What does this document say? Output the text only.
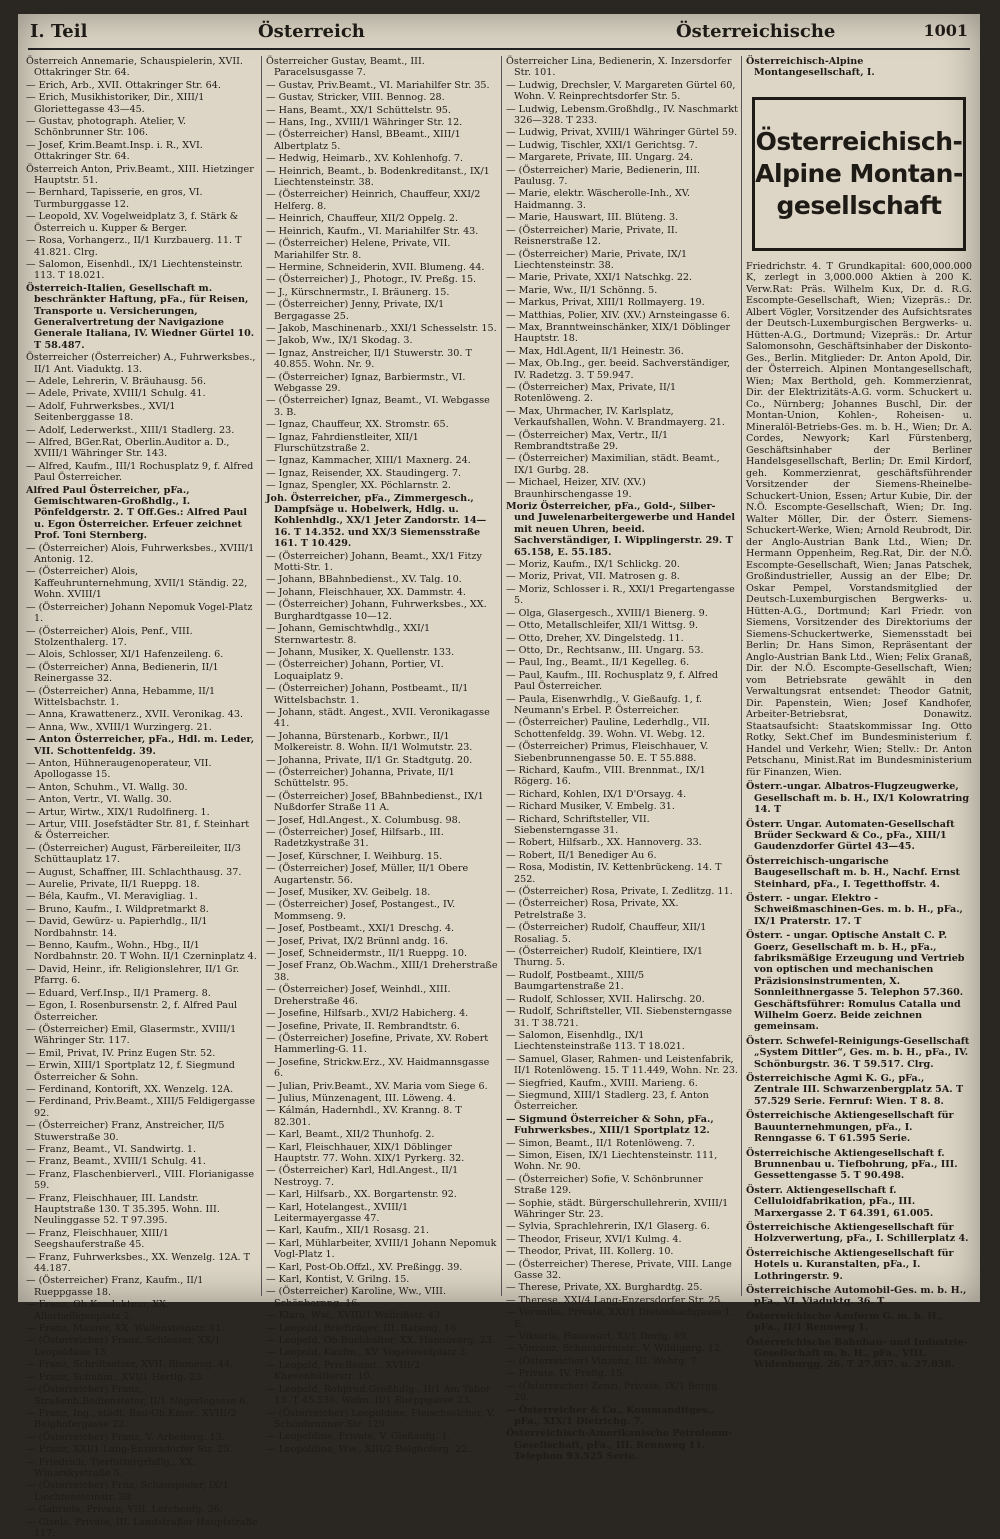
I. Teil	Österreich	Österreichische	1001
Österreich Annemarie, Schauspielerin, XVII. Ottakringer Str. 64.
— Erich, Arb., XVII. Ottakringer Str. 64.
— Erich, Musikhistoriker, Dir., XIII/1 Gloriettegasse 43—45.
— Gustav, photograph. Atelier, V. Schönbrunner Str. 106.
— Josef, Krim.Beamt.Insp. i. R., XVI. Ottakringer Str. 64.
Österreich Anton, Priv.Beamt., XIII. Hietzinger Hauptstr. 51.
— Bernhard, Tapisserie, en gros, VI. Turmburggasse 12.
— Leopold, XV. Vogelweidplatz 3, f. Stärk & Österreich u. Kupper & Berger.
— Rosa, Vorhangerz., II/1 Kurzbauerg. 11. T 41.821. Clrg.
— Salomon, Eisenhdl., IX/1 Liechtensteinstr. 113. T 18.021.
Österreich-Italien, Gesellschaft m. beschränkter Haftung, pFa., für Reisen, Transporte u. Versicherungen, Generalvertretung der Navigazione Generale Italiana, IV. Wiedner Gürtel 10. T 58.487.
Österreicher (Österreicher) A., Fuhrwerksbes., II/1 Ant. Viaduktg. 13.
— Adele, Lehrerin, V. Bräuhausg. 56.
— Adele, Private, XVIII/1 Schulg. 41.
— Adolf, Fuhrwerksbes., XVI/1 Seitenberggasse 18.
— Adolf, Lederwerkst., XIII/1 Stadlerg. 23.
— Alfred, BGer.Rat, Oberlin.Auditor a. D., XVIII/1 Währinger Str. 143.
— Alfred, Kaufm., III/1 Rochusplatz 9, f. Alfred Paul Österreicher.
Alfred Paul Österreicher, pFa., Gemischtwaren-Großhdlg., I. Pönfeldgerstr. 2. T Off.Ges.: Alfred Paul u. Egon Österreicher. Erfeuer zeichnet Prof. Toni Sternberg.
— (Österreicher) Alois, Fuhrwerksbes., XVIII/1 Antonig. 12.
— (Österreicher) Alois, Kaffeuhrunternehmung, XVII/1 Ständig. 22, Wohn. XVIII/1
— (Österreicher) Johann Nepomuk Vogel-Platz 1.
— (Österreicher) Alois, Penf., VIII. Stolzenthalerg. 17.
— Alois, Schlosser, XI/1 Hafenzeileng. 6.
— (Österreicher) Anna, Bedienerin, II/1 Reinergasse 32.
— (Österreicher) Anna, Hebamme, II/1 Wittelsbachstr. 1.
— Anna, Krawattenerz., XVII. Veronikag. 43.
— Anna, Ww., XVIII/1 Wurzingerg. 21.
— Anton Österreicher, pFa., Hdl. m. Leder, VII. Schottenfeldg. 39.
— Anton, Hühneraugenoperateur, VII. Apollogasse 15.
— Anton, Schuhm., VI. Wallg. 30.
— Anton, Vertr., VI. Wallg. 30.
— Artur, Wirtw., XIX/1 Rudolfinerg. 1.
— Artur, VIII. Josefstädter Str. 81, f. Steinhart & Österreicher.
— (Österreicher) August, Färbereileiter, II/3 Schüttauplatz 17.
— August, Schaffner, III. Schlachthausg. 37.
— Aurelie, Private, II/1 Rueppg. 18.
— Béla, Kaufm., VI. Meravigliag. 1.
— Bruno, Kaufm., I. Wildpretmarkt 8.
— David, Gewürz- u. Papierhdlg., II/1 Nordbahnstr. 14.
— Benno, Kaufm., Wohn., Hbg., II/1 Nordbahnstr. 20. T Wohn. II/1 Czerninplatz 4.
— David, Heinr., ifr. Religionslehrer, II/1 Gr. Pfarrg. 6.
— Eduard, Verf.Insp., II/1 Pramerg. 8.
— Egon, I. Rosenbursenstr. 2, f. Alfred Paul Österreicher.
— (Österreicher) Emil, Glasermstr., XVIII/1 Währinger Str. 117.
— Emil, Privat, IV. Prinz Eugen Str. 52.
— Erwin, XIII/1 Sportplatz 12, f. Siegmund Österreicher & Sohn.
— Ferdinand, Kontorift, XX. Wenzelg. 12A.
— Ferdinand, Priv.Beamt., XIII/5 Feldigergasse 92.
— (Österreicher) Franz, Anstreicher, II/5 Stuwerstraße 30.
— Franz, Beamt., VI. Sandwirtg. 1.
— Franz, Beamt., XVIII/1 Schulg. 41.
— Franz, Flaschenbierverl., VIII. Florianigasse 59.
— Franz, Fleischhauer, III. Landstr. Hauptstraße 130. T 35.395. Wohn. III. Neulinggasse 52. T 97.395.
— Franz, Fleischhauer, XIII/1 Seegshauferstraße 45.
— Franz, Fuhrwerksbes., XX. Wenzelg. 12A. T 44.187.
— (Österreicher) Franz, Kaufm., II/1 Rueppgasse 18.
— Franz, Ob.Kondukteur, XX. Allerheiligenplatz 2.
— Franz, Maurer, XX. Wallensteinstr. 41.
— (Österreicher) Franz, Schlosser, XX/1 Leopoldaue 13.
— Franz, Schriftsetzer, XVII. Blumeng. 44.
— Franz, Schuhm., XVI/1 Hertlg. 23.
— (Österreicher) Franz, Straßenb.Bediensteter, II/1 Negerlegasse 6.
— Franz, Ing., städt. Bau-Ob.Kmsr., XVIII/2 Belghofergasse 22.
— (Österreicher) Franz, V. Arbeiterg. 13.
— Franz, XXI/1 Lang-Enzersdorfer Str. 25.
— Friedrich, Tierfuttergrhdlg., XX. Winarskystraße 5.
— (Österreicher) Fritz, Schauspieler, IX/1 Liechtensteinstr. 38.
— Gabriele, Private, VIII. Lerchenfg. 36.
— Gisela, Private, III. Landstraßer Hauptstraße 117.
Österreicher Gustav, Beamt., III. Paracelsusgasse 7.
— Gustav, Priv.Beamt., VI. Mariahilfer Str. 35.
— Gustav, Stricker, VIII. Bennog. 28.
— Hans, Beamt., XX/1 Schüttelstr. 95.
— Hans, Ing., XVIII/1 Währinger Str. 12.
— (Österreicher) Hansl, BBeamt., XIII/1 Albertplatz 5.
— Hedwig, Heimarb., XV. Kohlenhofg. 7.
— Heinrich, Beamt., b. Bodenkreditanst., IX/1 Liechtensteinstr. 38.
— (Österreicher) Heinrich, Chauffeur, XXI/2 Helferg. 8.
— Heinrich, Chauffeur, XII/2 Oppelg. 2.
— Heinrich, Kaufm., VI. Mariahilfer Str. 43.
— (Österreicher) Helene, Private, VII. Mariahilfer Str. 8.
— Hermine, Schneiderin, XVII. Blumeng. 44.
— (Österreicher) J., Photogr., IV. Preßg. 15.
— J., Kürschnermstr., I. Bräunerg. 15.
— (Österreicher) Jenny, Private, IX/1 Bergagasse 25.
— Jakob, Maschinenarb., XXI/1 Schesselstr. 15.
— Jakob, Ww., IX/1 Skodag. 3.
— Ignaz, Anstreicher, II/1 Stuwerstr. 30. T 40.855. Wohn. Nr. 9.
— (Österreicher) Ignaz, Barbiermstr., VI. Webgasse 29.
— (Österreicher) Ignaz, Beamt., VI. Webgasse 3. B.
— Ignaz, Chauffeur, XX. Stromstr. 65.
— Ignaz, Fahrdienstleiter, XII/1 Flurschützstraße 2.
— Ignaz, Kammacher, XIII/1 Maxnerg. 24.
— Ignaz, Reisender, XX. Staudingerg. 7.
— Ignaz, Spengler, XX. Pöchlarnstr. 2.
Joh. Österreicher, pFa., Zimmergesch., Dampfsäge u. Hobelwerk, Hdlg. u. Kohlenhdlg., XX/1 Jeter Zandorstr. 14—16. T 14.352. und XX/3 Siemensstraße 161. T 10.429.
— (Österreicher) Johann, Beamt., XX/1 Fitzy Motti-Str. 1.
— Johann, BBahnbedienst., XV. Talg. 10.
— Johann, Fleischhauer, XX. Dammstr. 4.
— (Österreicher) Johann, Fuhrwerksbes., XX. Burghardtgasse 10—12.
— Johann, Gemischtwhdlg., XXI/1 Sternwartestr. 8.
— Johann, Musiker, X. Quellenstr. 133.
— (Österreicher) Johann, Portier, VI. Loquaiplatz 9.
— (Österreicher) Johann, Postbeamt., II/1 Wittelsbachstr. 1.
— Johann, städt. Angest., XVII. Veronikagasse 41.
— Johanna, Bürstenarb., Korbwr., II/1 Molkereistr. 8. Wohn. II/1 Wolmutstr. 23.
— Johanna, Private, II/1 Gr. Stadtgutg. 20.
— (Österreicher) Johanna, Private, II/1 Schüttelstr. 95.
— (Österreicher) Josef, BBahnbedienst., IX/1 Nußdorfer Straße 11 A.
— Josef, Hdl.Angest., X. Columbusg. 98.
— (Österreicher) Josef, Hilfsarb., III. Radetzkystraße 31.
— Josef, Kürschner, I. Weihburg. 15.
— (Österreicher) Josef, Müller, II/1 Obere Augartenstr. 56.
— Josef, Musiker, XV. Geibelg. 18.
— (Österreicher) Josef, Postangest., IV. Mommseng. 9.
— Josef, Postbeamt., XXI/1 Dreschg. 4.
— Josef, Privat, IX/2 Brünnl andg. 16.
— Josef, Schneidermstr., II/1 Rueppg. 10.
— Josef Franz, Ob.Wachm., XIII/1 Dreherstraße 38.
— (Österreicher) Josef, Weinhdl., XIII. Dreherstraße 46.
— Josefine, Hilfsarb., XVI/2 Habicherg. 4.
— Josefine, Private, II. Rembrandtstr. 6.
— (Österreicher) Josefine, Private, XV. Robert Hammerling-G. 11.
— Josefine, Strickw.Erz., XV. Haidmannsgasse 6.
— Julian, Priv.Beamt., XV. Maria vom Siege 6.
— Julius, Münzenagent, III. Löweng. 4.
— Kálmán, Hadernhdl., XV. Kranng. 8. T 82.301.
— Karl, Beamt., XII/2 Thunhofg. 2.
— Karl, Fleischhauer, XIX/1 Döblinger Hauptstr. 77. Wohn. XIX/1 Pyrkerg. 32.
— (Österreicher) Karl, Hdl.Angest., II/1 Nestroyg. 7.
— Karl, Hilfsarb., XX. Borgartenstr. 92.
— Karl, Hotelangest., XVIII/1 Leitermayergasse 47.
— Karl, Kaufm., XII/1 Rosasg. 21.
— Karl, Mühlarbeiter, XVIII/1 Johann Nepomuk Vogl-Platz 1.
— Karl, Post-Ob.Offzl., XV. Preßingg. 39.
— Karl, Kontist, V. Grilng. 15.
— (Österreicher) Karoline, Ww., VIII. Schönbornng. 16.
— Klara, Ww., XVIII/1 Wallrißstr. 43.
— Leopold, Briefträger, III. Rabeng. 16.
— Leopold, Ob.Buchhalter, XX. Hannoverg. 23.
— Leopold, Kaufm., XV. Vogelweidplatz 3.
— Leopold, Priv.Beamt., XVIII/2 Khevenhüllerstr. 10.
— Leopold, Rohprod.Großhdlg., II/1 Am Tabor 13. T 45.536. Wohn. II/1 Rueppgasse 23.
— (Österreicher) Leopoldine, Fleischselcher, V. Schönbrunner Str. 129.
— Leopoldine, Private, V. Gießaufg. 1.
— Leopoldine, Ww., XIII/2 Belghoferg. 22.
Österreicher Lina, Bedienerin, X. Inzersdorfer Str. 101.
— Ludwig, Drechsler, V. Margareten Gürtel 60, Wohn. V. Reinprechtsdorfer Str. 5.
— Ludwig, Lebensm.Großhdlg., IV. Naschmarkt 326—328. T 233.
— Ludwig, Privat, XVIII/1 Währinger Gürtel 59.
— Ludwig, Tischler, XXI/1 Gerichtsg. 7.
— Margarete, Private, III. Ungarg. 24.
— (Österreicher) Marie, Bedienerin, III. Paulusg. 7.
— Marie, elektr. Wäscherolle-Inh., XV. Haidmanng. 3.
— Marie, Hauswart, III. Blüteng. 3.
— (Österreicher) Marie, Private, II. Reisnerstraße 12.
— (Österreicher) Marie, Private, IX/1 Liechtensteinstr. 38.
— Marie, Private, XXI/1 Natschkg. 22.
— Marie, Ww., II/1 Schönng. 5.
— Markus, Privat, XIII/1 Rollmayerg. 19.
— Matthias, Polier, XIV. (XV.) Arnsteingasse 6.
— Max, Branntweinschänker, XIX/1 Döblinger Hauptstr. 18.
— Max, Hdl.Agent, II/1 Heinestr. 36.
— Max, Ob.Ing., ger. beeid. Sachverständiger, IV. Radetzg. 3. T 59.947.
— (Österreicher) Max, Private, II/1 Rotenlöweng. 2.
— Max, Uhrmacher, IV. Karlsplatz, Verkaufshallen, Wohn. V. Brandmayerg. 21.
— (Österreicher) Max, Vertr., II/1 Rembrandtstraße 29.
— (Österreicher) Maximilian, städt. Beamt., IX/1 Gurbg. 28.
— Michael, Heizer, XIV. (XV.) Braunhirschengasse 19.
Moriz Österreicher, pFa., Gold-, Silber- und Juwelenarbeitergewerbe und Handel mit neuen Uhren, beeid. Sachverständiger, I. Wipplingerstr. 29. T 65.158, E. 55.185.
— Moriz, Kaufm., IX/1 Schlickg. 20.
— Moriz, Privat, VII. Matrosen g. 8.
— Moriz, Schlosser i. R., XXI/1 Pregartengasse 5.
— Olga, Glasergesch., XVIII/1 Bienerg. 9.
— Otto, Metallschleifer, XII/1 Wittsg. 9.
— Otto, Dreher, XV. Dingelstedg. 11.
— Otto, Dr., Rechtsanw., III. Ungarg. 53.
— Paul, Ing., Beamt., II/1 Kegelleg. 6.
— Paul, Kaufm., III. Rochusplatz 9, f. Alfred Paul Österreicher.
— Paula, Eisenwrhdlg., V. Gießaufg. 1, f. Neumann's Erbel. P. Österreicher.
— (Österreicher) Pauline, Lederhdlg., VII. Schottenfeldg. 39. Wohn. VI. Webg. 12.
— (Österreicher) Primus, Fleischhauer, V. Siebenbrunnengasse 50. E. T 55.888.
— Richard, Kaufm., VIII. Brennmat., IX/1 Rögerg. 16.
— Richard, Kohlen, IX/1 D'Orsayg. 4.
— Richard Musiker, V. Embelg. 31.
— Richard, Schriftsteller, VII. Siebensterngasse 31.
— Robert, Hilfsarb., XX. Hannoverg. 33.
— Robert, II/1 Benediger Au 6.
— Rosa, Modistin, IV. Kettenbrückeng. 14. T 252.
— (Österreicher) Rosa, Private, I. Zedlitzg. 11.
— (Österreicher) Rosa, Private, XX. Petrelstraße 3.
— (Österreicher) Rudolf, Chauffeur, XII/1 Rosaliag. 5.
— (Österreicher) Rudolf, Kleintiere, IX/1 Thurng. 5.
— Rudolf, Postbeamt., XIII/5 Baumgartenstraße 21.
— Rudolf, Schlosser, XVII. Halirschg. 20.
— Rudolf, Schriftsteller, VII. Siebensterngasse 31. T 38.721.
— Salomon, Eisenhdlg., IX/1 Liechtensteinstraße 113. T 18.021.
— Samuel, Glaser, Rahmen- und Leistenfabrik, II/1 Rotenlöweng. 15. T 11.449, Wohn. Nr. 23.
— Siegfried, Kaufm., XVIII. Marieng. 6.
— Siegmund, XIII/1 Stadlerg. 23, f. Anton Österreicher.
— Sigmund Österreicher & Sohn, pFa., Fuhrwerksbes., XIII/1 Sportplatz 12.
— Simon, Beamt., II/1 Rotenlöweng. 7.
— Simon, Eisen, IX/1 Liechtensteinstr. 111, Wohn. Nr. 90.
— (Österreicher) Sofie, V. Schönbrunner Straße 129.
— Sophie, städt. Bürgerschullehrerin, XVIII/1 Währinger Str. 23.
— Sylvia, Sprachlehrerin, IX/1 Glaserg. 6.
— Theodor, Friseur, XVI/1 Kulmg. 4.
— Theodor, Privat, III. Kollerg. 10.
— (Österreicher) Therese, Private, VIII. Lange Gasse 32.
— Therese, Private, XX. Burghardtg. 25.
— Therese, XXI/4 Lang-Enzersdorfer Str. 25.
— Veronika, Private, XXI/1 Dietenbachgasse 1. E.
— Viktoria, Hauswart, XI/1 Dorfg. 69.
— Vinzenz, Schneidermstr., V. Wildigerg. 12.
— (Österreicher) Vinzenz, III. Wehrg. 7.
— Private, IV. Preßg. 15.
— (Österreicher) Zenzi, Private, IX/1 Bergg. 20.
— Österreicher & Co., Kommanditges., pFa., XIX/1 Dietrichg. 7.
Österreichisch-Amerikanische Petroleum-Gesellschaft, pFa., III. Rennweg 11. Telephon 93.525 Serie.
Österreichisch-Alpine Montangesellschaft, I.
Österreichisch-
Alpine Montan-
gesellschaft
Friedrichstr. 4. T Grundkapital: 600,000.000 K, zerlegt in 3,000.000 Aktien à 200 K. Verw.Rat: Präs. Wilhelm Kux, Dr. d. R.G. Escompte-Gesellschaft, Wien; Vizepräs.: Dr. Albert Vögler, Vorsitzender des Aufsichtsrates der Deutsch-Luxemburgischen Bergwerks- u. Hütten-A.G., Dortmund; Vizepräs.: Dr. Artur Salomonsohn, Geschäftsinhaber der Diskonto-Ges., Berlin. Mitglieder: Dr. Anton Apold, Dir. der Österreich. Alpinen Montangesellschaft, Wien; Max Berthold, geh. Kommerzienrat, Dir. der Elektrizitäts-A.G. vorm. Schuckert u. Co., Nürnberg; Johannes Buschl, Dir. der Montan-Union, Kohlen-, Roheisen- u. Mineralöl-Betriebs-Ges. m. b. H., Wien; Dr. A. Cordes, Newyork; Karl Fürstenberg, Geschäftsinhaber der Berliner Handelsgesellschaft, Berlin; Dr. Emil Kirdorf, geh. Kommerzienrat, geschäftsführender Vorsitzender der Siemens-Rheinelbe-Schuckert-Union, Essen; Artur Kubie, Dir. der N.Ö. Escompte-Gesellschaft, Wien; Dr. Ing. Walter Möller, Dir. der Österr. Siemens-Schuckert-Werke, Wien; Arnold Reubrodt, Dir. der Anglo-Austrian Bank Ltd., Wien; Dr. Hermann Oppenheim, Reg.Rat, Dir. der N.Ö. Escompte-Gesellschaft, Wien; Janas Patschek, Großindustrieller, Aussig an der Elbe; Dr. Oskar Pempel, Vorstandsmitglied der Deutsch-Luxemburgischen Bergwerks- u. Hütten-A.G., Dortmund; Karl Friedr. von Siemens, Vorsitzender des Direktoriums der Siemens-Schuckertwerke, Siemensstadt bei Berlin; Dr. Hans Simon, Repräsentant der Anglo-Austrian Bank Ltd., Wien; Felix Granaß, Dir. der N.Ö. Escompte-Gesellschaft, Wien; vom Betriebsrate gewählt in den Verwaltungsrat entsendet: Theodor Gatnit, Dir. Papenstein, Wien; Josef Kandhofer, Arbeiter-Betriebsrat, Donawitz. Staatsaufsicht: Staatskommissar Ing. Otto Rotky, Sekt.Chef im Bundesministerium f. Handel und Verkehr, Wien; Stellv.: Dr. Anton Petschanu, Minist.Rat im Bundesministerium für Finanzen, Wien.
Österr.-ungar. Albatros-Flugzeugwerke, Gesellschaft m. b. H., IX/1 Kolowratring 14. T
Österr. Ungar. Automaten-Gesellschaft Brüder Seckward & Co., pFa., XIII/1 Gaudenzdorfer Gürtel 43—45.
Österreichisch-ungarische Baugesellschaft m. b. H., Nachf. Ernst Steinhard, pFa., I. Tegetthoffstr. 4.
Österr. - ungar. Elektro - Schweißmaschinen-Ges. m. b. H., pFa., IX/1 Praterstr. 17. T
Österr. - ungar. Optische Anstalt C. P. Goerz, Gesellschaft m. b. H., pFa., fabriksmäßige Erzeugung und Vertrieb von optischen und mechanischen Präzisionsinstrumenten, X. Sonnleithnergasse 5. Telephon 57.360. Geschäftsführer: Romulus Catalla und Wilhelm Goerz. Beide zeichnen gemeinsam.
Österr. Schwefel-Reinigungs-Gesellschaft „System Dittler“, Ges. m. b. H., pFa., IV. Schönburgstr. 36. T 59.517. Clrg.
Österreichische Agmi K. G., pFa., Zentrale III. Schwarzenbergplatz 5A. T 57.529 Serie. Fernruf: Wien. T 8. 8.
Österreichische Aktiengesellschaft für Bauunternehmungen, pFa., I. Renngasse 6. T 61.595 Serie.
Österreichische Aktiengesellschaft f. Brunnenbau u. Tiefbohrung, pFa., III. Gessettengasse 5. T 90.498.
Österr. Aktiengesellschaft f. Celluloidfabrikation, pFa., III. Marxergasse 2. T 64.391, 61.005.
Österreichische Aktiengesellschaft für Holzverwertung, pFa., I. Schillerplatz 4.
Österreichische Aktiengesellschaft für Hotels u. Kuranstalten, pFa., I. Lothringerstr. 9.
Österreichische Automobil-Ges. m. b. H., pFa., VI. Viaduktg. 36. T
Österreichische Azoform G. m. b. H., pFa., II/1 Rennweg 1.
Österreichische Bahnbau- und Industrie-Gesellschaft m. b. H., pFa., VIII. Widenburgg. 26. T 27.037. u. 27.038.
